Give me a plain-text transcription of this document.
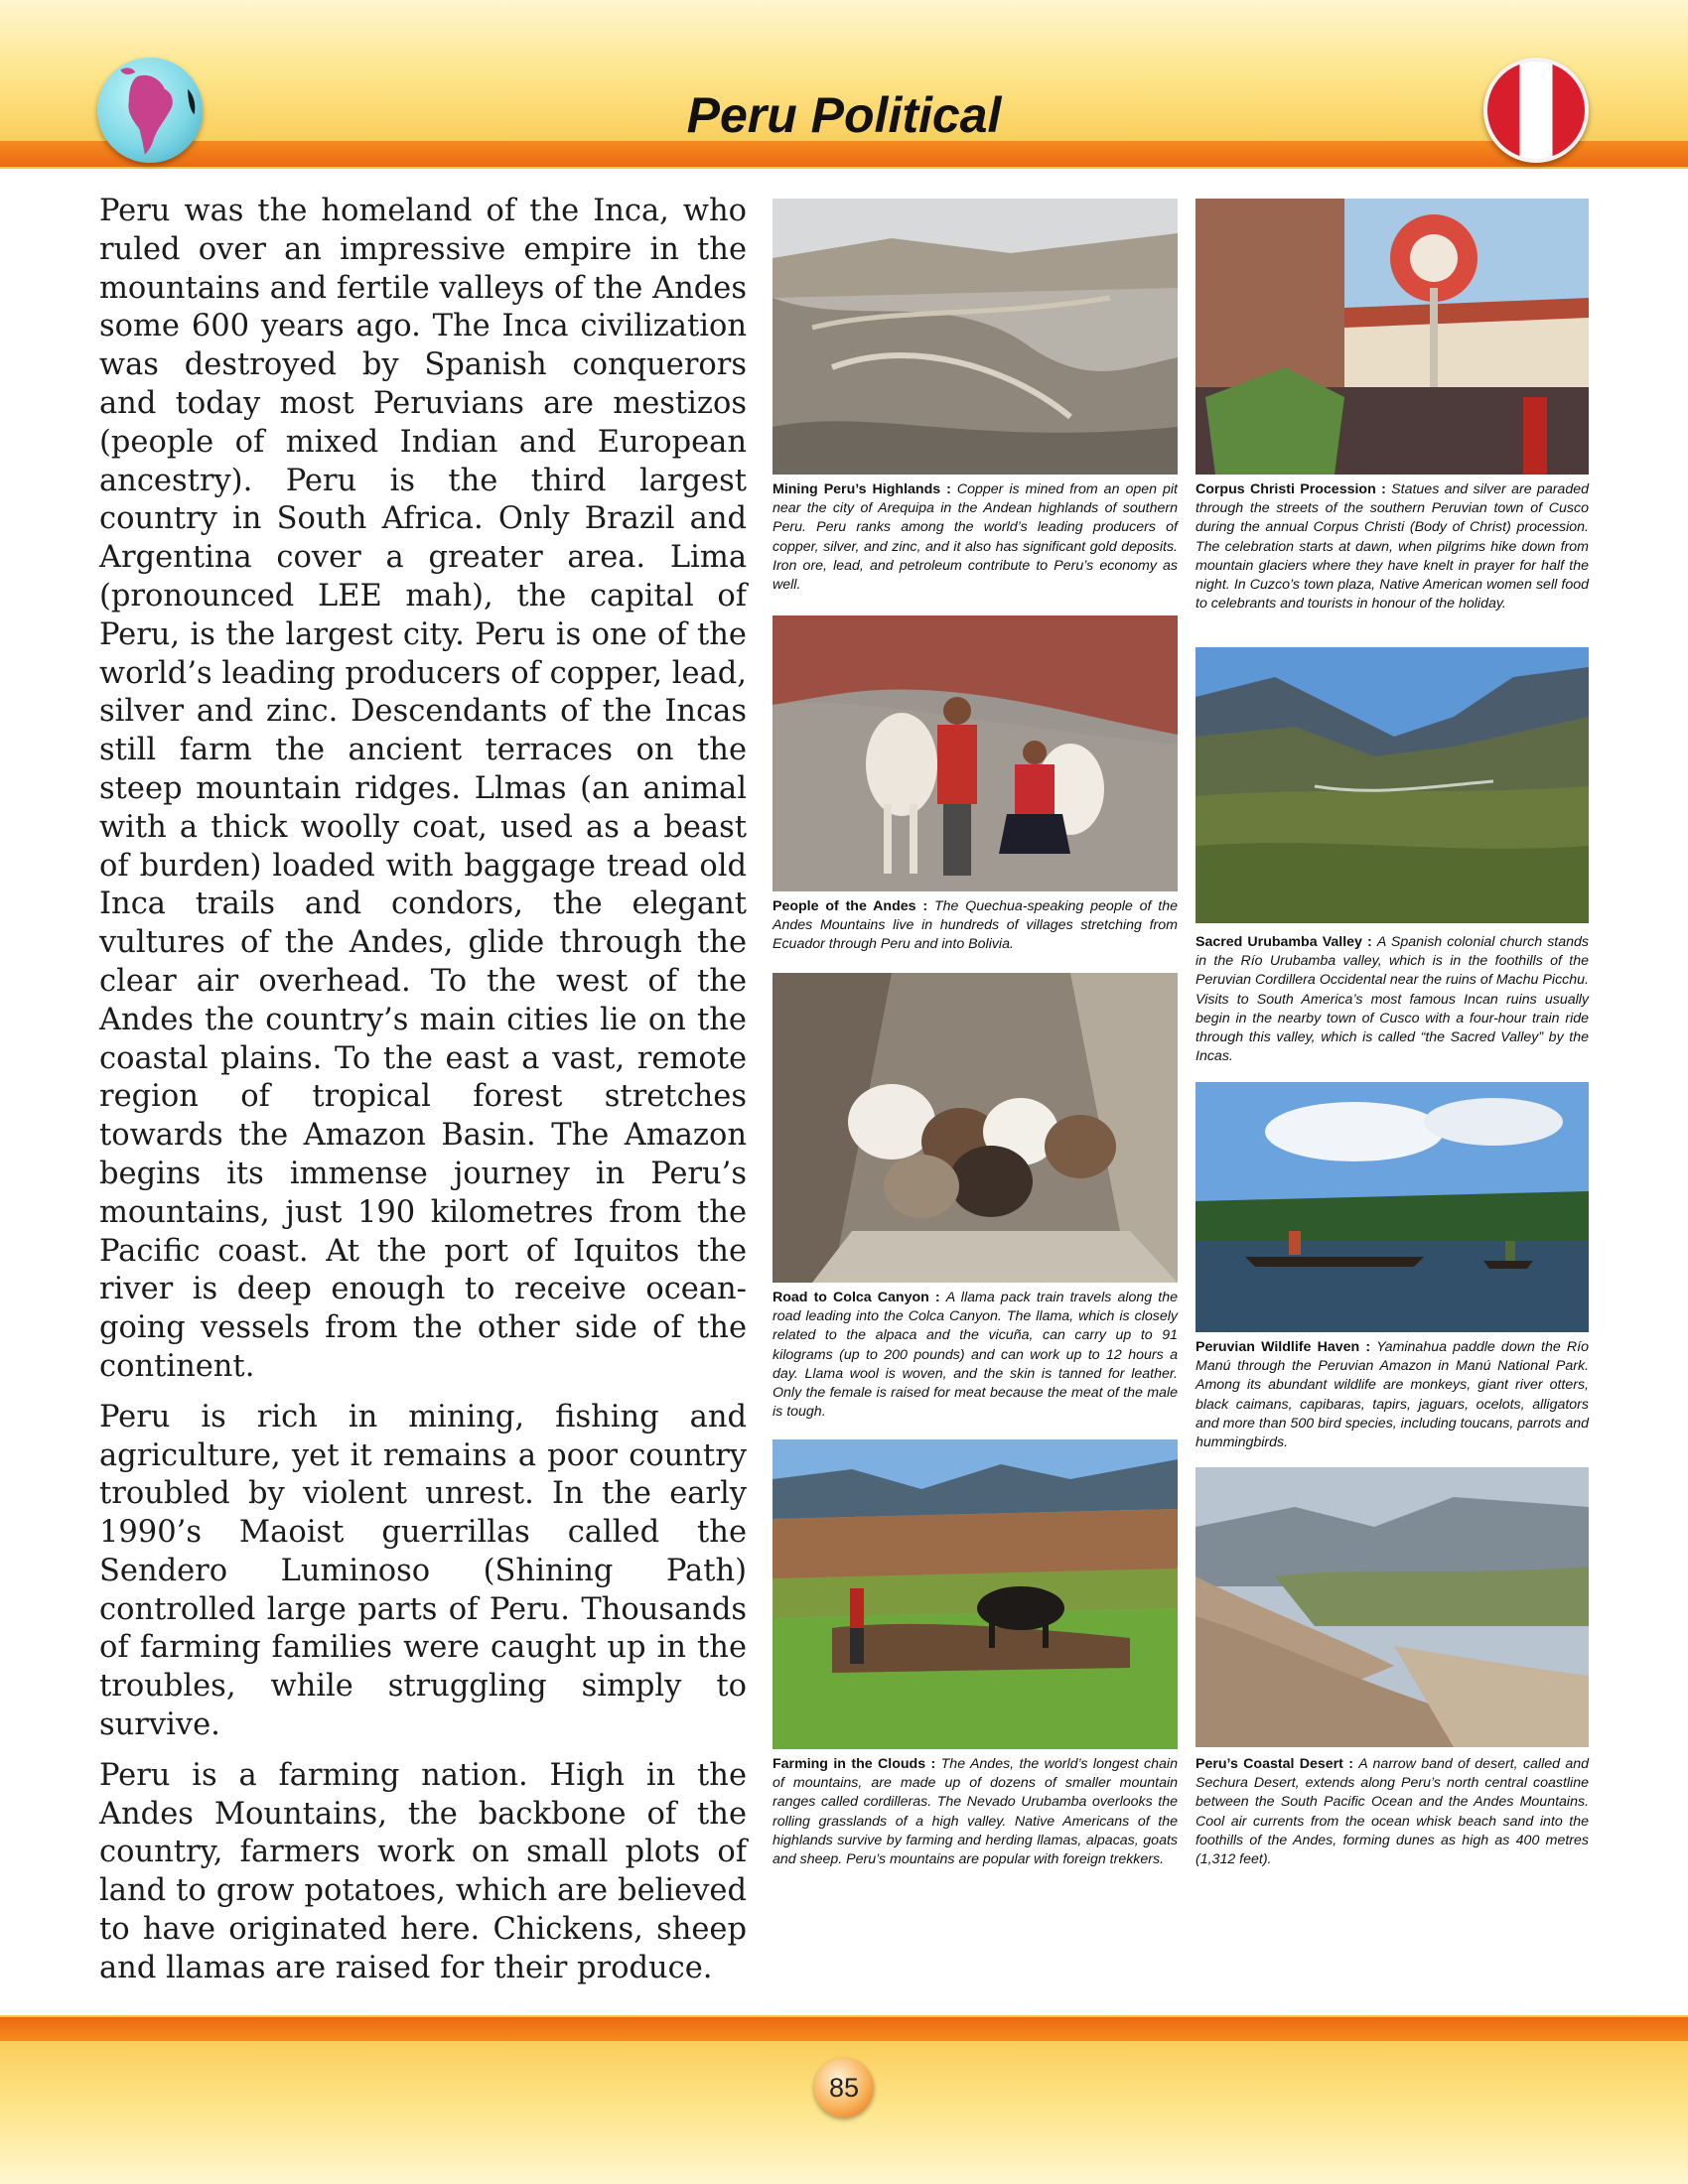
Peru Political

Peru was the homeland of the Inca, who ruled over an impressive empire in the mountains and fertile valleys of the Andes some 600 years ago. The Inca civilization was destroyed by Spanish conquerors and today most Peruvians are mestizos (people of mixed Indian and European ancestry). Peru is the third largest country in South Africa. Only Brazil and Argentina cover a greater area. Lima (pronounced LEE mah), the capital of Peru, is the largest city. Peru is one of the world’s leading producers of copper, lead, silver and zinc. Descendants of the Incas still farm the ancient terraces on the steep mountain ridges. Llmas (an animal with a thick woolly coat, used as a beast of burden) loaded with baggage tread old Inca trails and condors, the elegant vultures of the Andes, glide through the clear air overhead. To the west of the Andes the country’s main cities lie on the coastal plains. To the east a vast, remote region of tropical forest stretches towards the Amazon Basin. The Amazon begins its immense journey in Peru’s mountains, just 190 kilometres from the Pacific coast. At the port of Iquitos the river is deep enough to receive ocean-going vessels from the other side of the continent.

Peru is rich in mining, fishing and agriculture, yet it remains a poor country troubled by violent unrest. In the early 1990’s Maoist guerrillas called the Sendero Luminoso (Shining Path) controlled large parts of Peru. Thousands of farming families were caught up in the troubles, while struggling simply to survive.

Peru is a farming nation. High in the Andes Mountains, the backbone of the country, farmers work on small plots of land to grow potatoes, which are believed to have originated here. Chickens, sheep and llamas are raised for their produce.

Mining Peru’s Highlands : Copper is mined from an open pit near the city of Arequipa in the Andean highlands of southern Peru. Peru ranks among the world’s leading producers of copper, silver, and zinc, and it also has significant gold deposits. Iron ore, lead, and petroleum contribute to Peru’s economy as well.
People of the Andes : The Quechua-speaking people of the Andes Mountains live in hundreds of villages stretching from Ecuador through Peru and into Bolivia.
Road to Colca Canyon : A llama pack train travels along the road leading into the Colca Canyon. The llama, which is closely related to the alpaca and the vicuña, can carry up to 91 kilograms (up to 200 pounds) and can work up to 12 hours a day. Llama wool is woven, and the skin is tanned for leather. Only the female is raised for meat because the meat of the male is tough.
Farming in the Clouds : The Andes, the world’s longest chain of mountains, are made up of dozens of smaller mountain ranges called cordilleras. The Nevado Urubamba overlooks the rolling grasslands of a high valley. Native Americans of the highlands survive by farming and herding llamas, alpacas, goats and sheep. Peru’s mountains are popular with foreign trekkers.
Corpus Christi Procession : Statues and silver are paraded through the streets of the southern Peruvian town of Cusco during the annual Corpus Christi (Body of Christ) procession. The celebration starts at dawn, when pilgrims hike down from mountain glaciers where they have knelt in prayer for half the night. In Cuzco’s town plaza, Native American women sell food to celebrants and tourists in honour of the holiday.
Sacred Urubamba Valley : A Spanish colonial church stands in the Río Urubamba valley, which is in the foothills of the Peruvian Cordillera Occidental near the ruins of Machu Picchu. Visits to South America’s most famous Incan ruins usually begin in the nearby town of Cusco with a four-hour train ride through this valley, which is called “the Sacred Valley” by the Incas.
Peruvian Wildlife Haven : Yaminahua paddle down the Río Manú through the Peruvian Amazon in Manú National Park. Among its abundant wildlife are monkeys, giant river otters, black caimans, capibaras, tapirs, jaguars, ocelots, alligators and more than 500 bird species, including toucans, parrots and hummingbirds.
Peru’s Coastal Desert : A narrow band of desert, called and Sechura Desert, extends along Peru’s north central coastline between the South Pacific Ocean and the Andes Mountains. Cool air currents from the ocean whisk beach sand into the foothills of the Andes, forming dunes as high as 400 metres (1,312 feet).
85
